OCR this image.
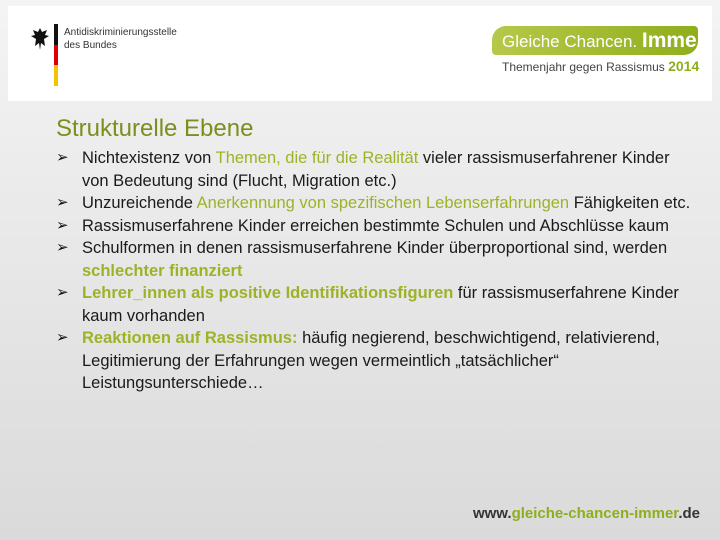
Antidiskriminierungsstelle
des Bundes	Gleiche Chancen. Immer.
Themenjahr gegen Rassismus 2014
Strukturelle Ebene
➢ Nichtexistenz von Themen, die für die Realität vieler rassismuserfahrener Kinder von Bedeutung sind (Flucht, Migration etc.)
➢ Unzureichende Anerkennung von spezifischen Lebenserfahrungen Fähigkeiten etc.
➢ Rassismuserfahrene Kinder erreichen bestimmte Schulen und Abschlüsse kaum
➢ Schulformen in denen rassismuserfahrene Kinder überproportional sind, werden schlechter finanziert
➢ Lehrer_innen als positive Identifikationsfiguren für rassismuserfahrene Kinder kaum vorhanden
➢ Reaktionen auf Rassismus: häufig negierend, beschwichtigend, relativierend, Legitimierung der Erfahrungen wegen vermeintlich „tatsächlicher“ Leistungsunterschiede…
www.gleiche-chancen-immer.de
